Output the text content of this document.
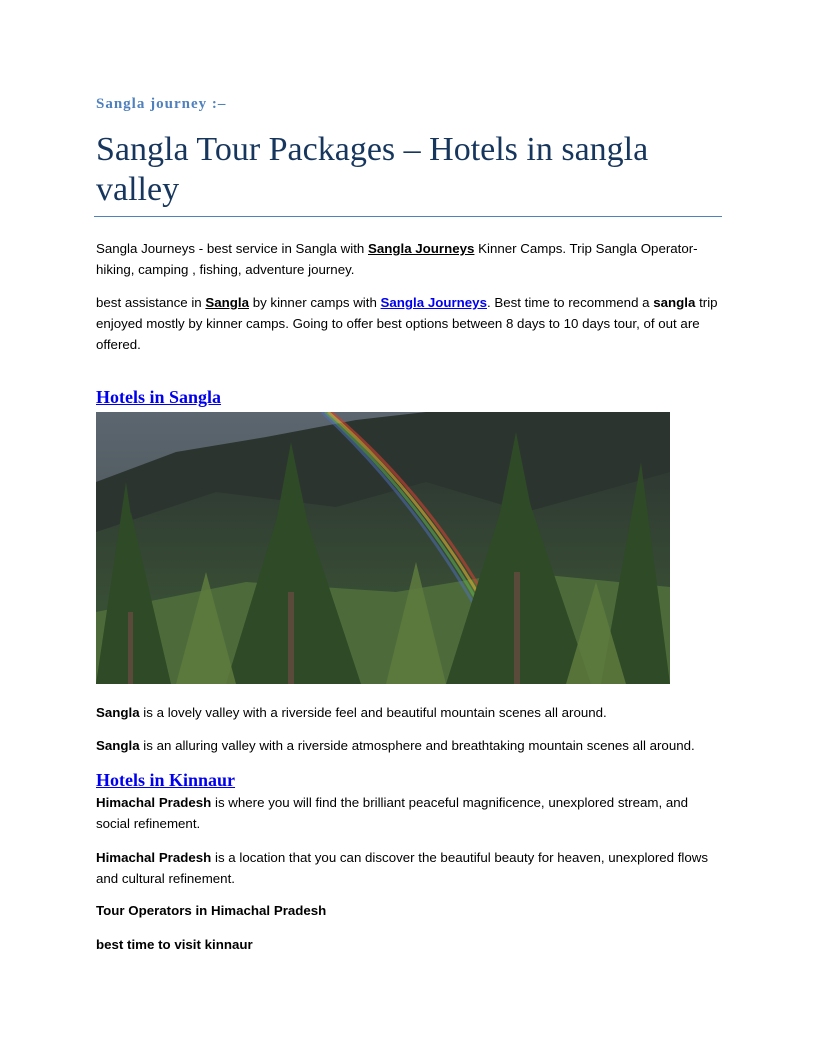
Sangla journey :–

Sangla Tour Packages – Hotels in sangla valley

Sangla Journeys - best service in Sangla with Sangla Journeys Kinner Camps. Trip Sangla Operator-hiking, camping , fishing, adventure journey.

best assistance in Sangla by kinner camps with Sangla Journeys. Best time to recommend a sangla trip enjoyed mostly by kinner camps. Going to offer best options between 8 days to 10 days tour, of out are offered.

Hotels in Sangla

Sangla is a lovely valley with a riverside feel and beautiful mountain scenes all around.

Sangla is an alluring valley with a riverside atmosphere and breathtaking mountain scenes all around.

Hotels in Kinnaur

Himachal Pradesh is where you will find the brilliant peaceful magnificence, unexplored stream, and social refinement.

Himachal Pradesh is a location that you can discover the beautiful beauty for heaven, unexplored flows and cultural refinement.

Tour Operators in Himachal Pradesh

best time to visit kinnaur
